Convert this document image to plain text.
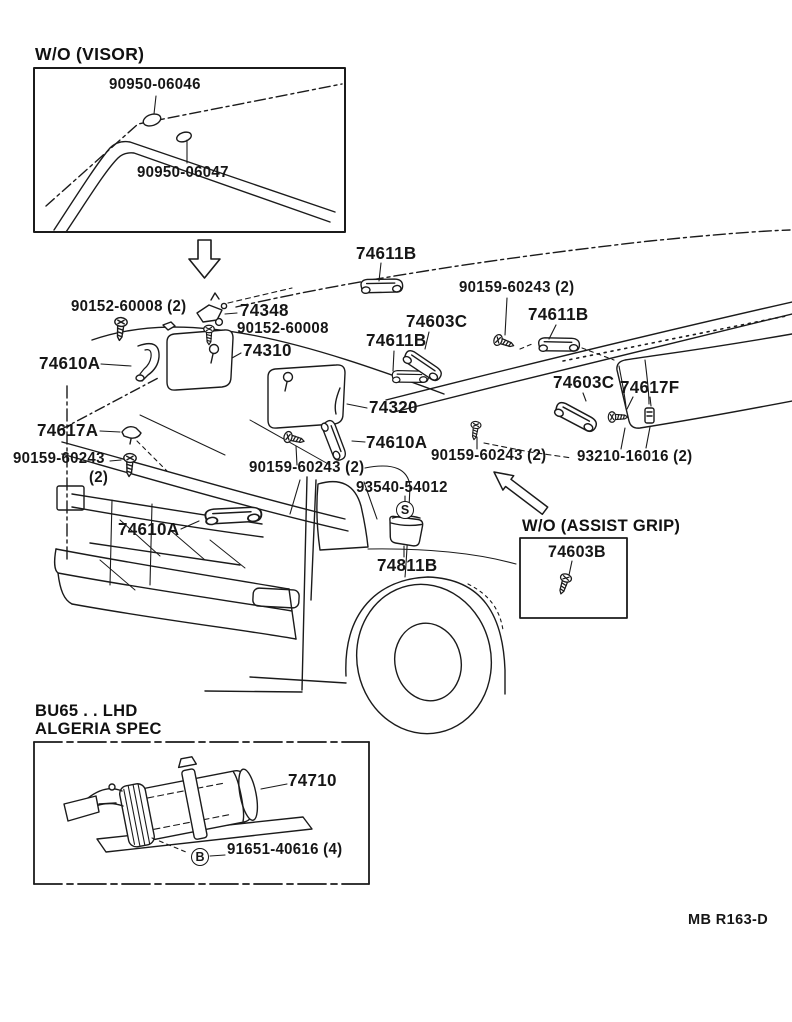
W/O (VISOR)
W/O (ASSIST GRIP)
BU65 . . LHD
ALGERIA SPEC
90950-06046
90950-06047
74611B
90152-60008 (2)	74348
90152-60008
74310
90159-60243 (2)
74603C	74611B
74611B
74610A
74603C 74617F
74320
74610A
74617A
90159-60243
(2)
90159-60243 (2)
90159-60243 (2) 93210-16016 (2)
93540-54012
74610A
74811B
74603B
74710
91651-40616 (4)
S
B
MB R163-D
